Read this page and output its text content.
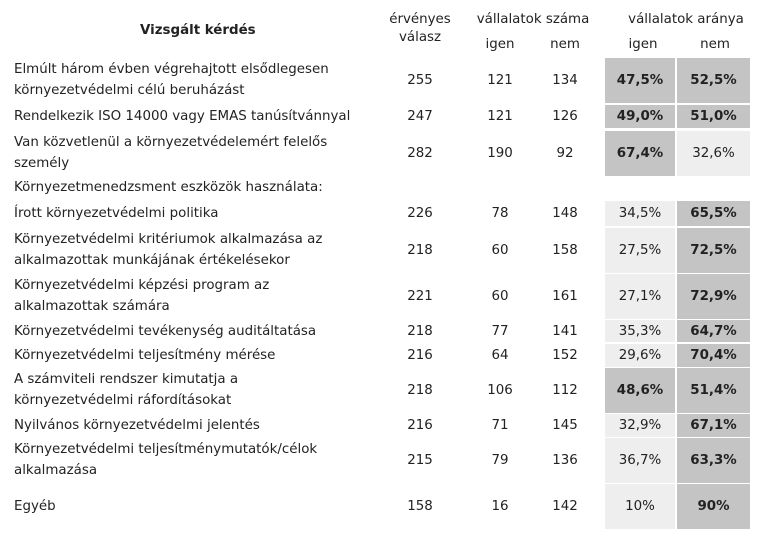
Vizsgált kérdés
érvényes
válasz
vállalatok száma
igen	nem
vállalatok aránya
igen	nem
Elmúlt három évben végrehajtott elsődlegesen
környezetvédelmi célú beruházást
255	121	134	47,5%	52,5%
Rendelkezik ISO 14000 vagy EMAS tanúsítvánnyal	247	121	126	49,0%	51,0%
Van közvetlenül a környezetvédelemért felelős
személy
282	190	92	67,4%	32,6%
Környezetmenedzsment eszközök használata:
Írott környezetvédelmi politika	226	78	148	34,5%	65,5%
Környezetvédelmi kritériumok alkalmazása az
alkalmazottak munkájának értékelésekor
218	60	158	27,5%	72,5%
Környezetvédelmi képzési program az
alkalmazottak számára
221	60	161	27,1%	72,9%
Környezetvédelmi tevékenység auditáltatása	218	77	141	35,3%	64,7%
Környezetvédelmi teljesítmény mérése	216	64	152	29,6%	70,4%
A számviteli rendszer kimutatja a
környezetvédelmi ráfordításokat
218	106	112	48,6%	51,4%
Nyilvános környezetvédelmi jelentés	216	71	145	32,9%	67,1%
Környezetvédelmi teljesítménymutatók/célok
alkalmazása
215	79	136	36,7%	63,3%
Egyéb	158	16	142	10%	90%
